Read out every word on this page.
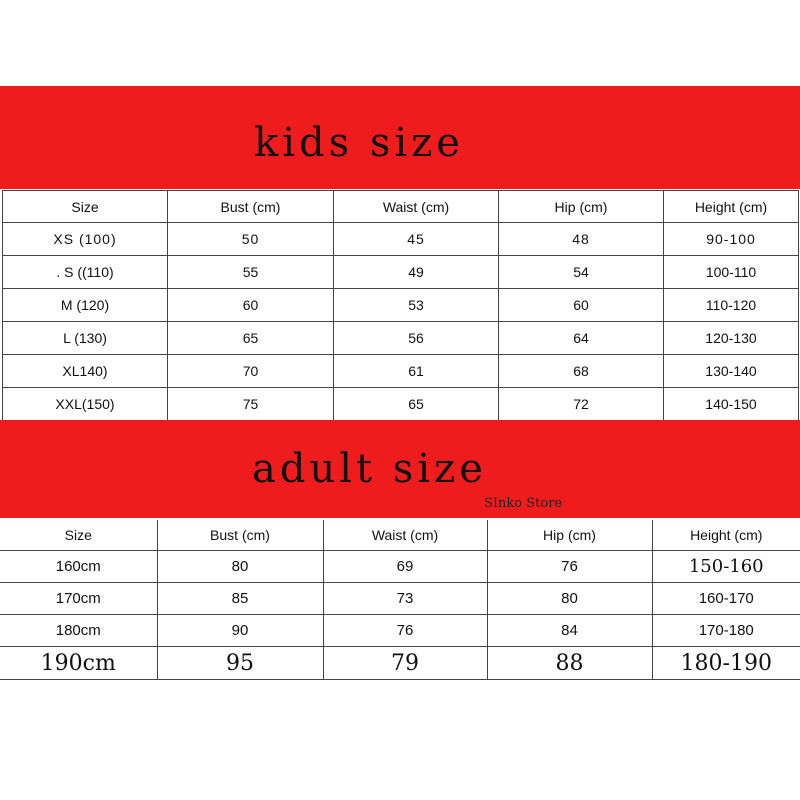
kids size
Size	Bust (cm)	Waist (cm)	Hip (cm)	Height (cm)
XS (100)	50	45	48	90-100
. S ((110)	55	49	54	100-110
M (120)	60	53	60	110-120
L (130)	65	56	64	120-130
XL140)	70	61	68	130-140
XXL(150)	75	65	72	140-150
adult size
SInko Store
Size	Bust (cm)	Waist (cm)	Hip (cm)	Height (cm)
160cm	80	69	76	150-160
170cm	85	73	80	160-170
180cm	90	76	84	170-180
190cm	95	79	88	180-190
